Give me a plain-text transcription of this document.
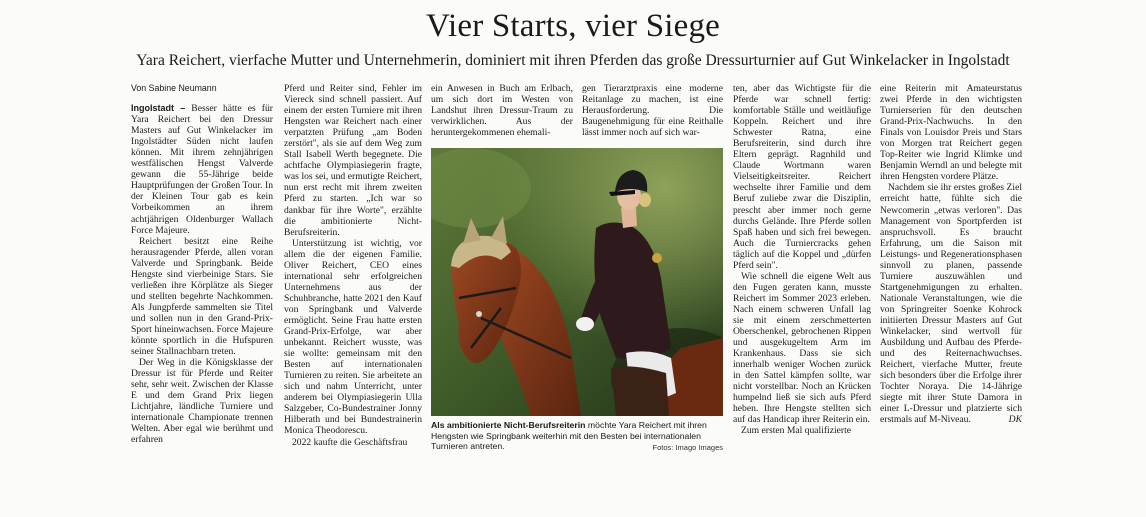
Vier Starts, vier Siege
Yara Reichert, vierfache Mutter und Unternehmerin, dominiert mit ihren Pferden das große Dressurturnier auf Gut Winkelacker in Ingolstadt

Von Sabine Neumann

Ingolstadt – Besser hätte es für Yara Reichert bei den Dressur Masters auf Gut Winkelacker im Ingolstädter Süden nicht laufen können. Mit ihrem zehnjährigen westfälischen Hengst Valverde gewann die 55-Jährige beide Hauptprüfungen der Großen Tour. In der Kleinen Tour gab es kein Vorbeikommen an ihrem achtjährigen Oldenburger Wallach Force Majeure.

Reichert besitzt eine Reihe herausragender Pferde, allen voran Valverde und Springbank. Beide Hengste sind vierbeinige Stars. Sie verließen ihre Körplätze als Sieger und stellten begehrte Nachkommen. Als Jungpferde sammelten sie Titel und sollen nun in den Grand-Prix-Sport hineinwachsen. Force Majeure könnte sportlich in die Hufspuren seiner Stallnachbarn treten.

Der Weg in die Königsklasse der Dressur ist für Pferde und Reiter sehr, sehr weit. Zwischen der Klasse E und dem Grand Prix liegen Lichtjahre, ländliche Turniere und internationale Championate trennen Welten. Aber egal wie berühmt und erfahren

Pferd und Reiter sind, Fehler im Viereck sind schnell passiert. Auf einem der ersten Turniere mit ihren Hengsten war Reichert nach einer verpatzten Prüfung „am Boden zerstört", als sie auf dem Weg zum Stall Isabell Werth begegnete. Die achtfache Olympiasiegerin fragte, was los sei, und ermutigte Reichert, nun erst recht mit ihrem zweiten Pferd zu starten. „Ich war so dankbar für ihre Worte", erzählte die ambitionierte Nicht-Berufsreiterin.

Unterstützung ist wichtig, vor allem die der eigenen Familie. Oliver Reichert, CEO eines international sehr erfolgreichen Unternehmens aus der Schuhbranche, hatte 2021 den Kauf von Springbank und Valverde ermöglicht. Seine Frau hatte ersten Grand-Prix-Erfolge, war aber unbekannt. Reichert wusste, was sie wollte: gemeinsam mit den Besten auf internationalen Turnieren zu reiten. Sie arbeitete an sich und nahm Unterricht, unter anderem bei Olympiasiegerin Ulla Salzgeber, Co-Bundestrainer Jonny Hilberath und bei Bundestrainerin Monica Theodorescu.

2022 kaufte die Geschäftsfrau

ein Anwesen in Buch am Erlbach, um sich dort im Westen von Landshut ihren Dressur-Traum zu verwirklichen. Aus der heruntergekommenen ehemali-

gen Tierarztpraxis eine moderne Reitanlage zu machen, ist eine Herausforderung. Die Baugenehmigung für eine Reithalle lässt immer noch auf sich war-

Als ambitionierte Nicht-Berufsreiterin möchte Yara Reichert mit ihren Hengsten wie Springbank weiterhin mit den Besten bei internationalen Turnieren antreten.	Fotos: Imago Images

ten, aber das Wichtigste für die Pferde war schnell fertig: komfortable Ställe und weitläufige Koppeln. Reichert und ihre Schwester Ratna, eine Berufsreiterin, sind durch ihre Eltern geprägt. Ragnhild und Claude Wortmann waren Vielseitigkeitsreiter. Reichert wechselte ihrer Familie und dem Beruf zuliebe zwar die Disziplin, prescht aber immer noch gerne durchs Gelände. Ihre Pferde sollen Spaß haben und sich frei bewegen. Auch die Turniercracks gehen täglich auf die Koppel und „dürfen Pferd sein".

Wie schnell die eigene Welt aus den Fugen geraten kann, musste Reichert im Sommer 2023 erleben. Nach einem schweren Unfall lag sie mit einem zerschmetterten Oberschenkel, gebrochenen Rippen und ausgekugeltem Arm im Krankenhaus. Dass sie sich innerhalb weniger Wochen zurück in den Sattel kämpfen sollte, war nicht vorstellbar. Noch an Krücken humpelnd ließ sie sich aufs Pferd heben. Ihre Hengste stellten sich auf das Handicap ihrer Reiterin ein.

Zum ersten Mal qualifizierte

eine Reiterin mit Amateurstatus zwei Pferde in den wichtigsten Turnierserien für den deutschen Grand-Prix-Nachwuchs. In den Finals von Louisdor Preis und Stars von Morgen trat Reichert gegen Top-Reiter wie Ingrid Klimke und Benjamin Werndl an und belegte mit ihren Hengsten vordere Plätze.

Nachdem sie ihr erstes großes Ziel erreicht hatte, fühlte sich die Newcomerin „etwas verloren". Das Management von Sportpferden ist anspruchsvoll. Es braucht Erfahrung, um die Saison mit Leistungs- und Regenerationsphasen sinnvoll zu planen, passende Turniere auszuwählen und Startgenehmigungen zu erhalten. Nationale Veranstaltungen, wie die von Springreiter Soenke Kohrock initiierten Dressur Masters auf Gut Winkelacker, sind wertvoll für Ausbildung und Aufbau des Pferde- und des Reiternachwuchses. Reichert, vierfache Mutter, freute sich besonders über die Erfolge ihrer Tochter Noraya. Die 14-Jährige siegte mit ihrer Stute Damora in einer L-Dressur und platzierte sich erstmals auf M-Niveau.	DK
